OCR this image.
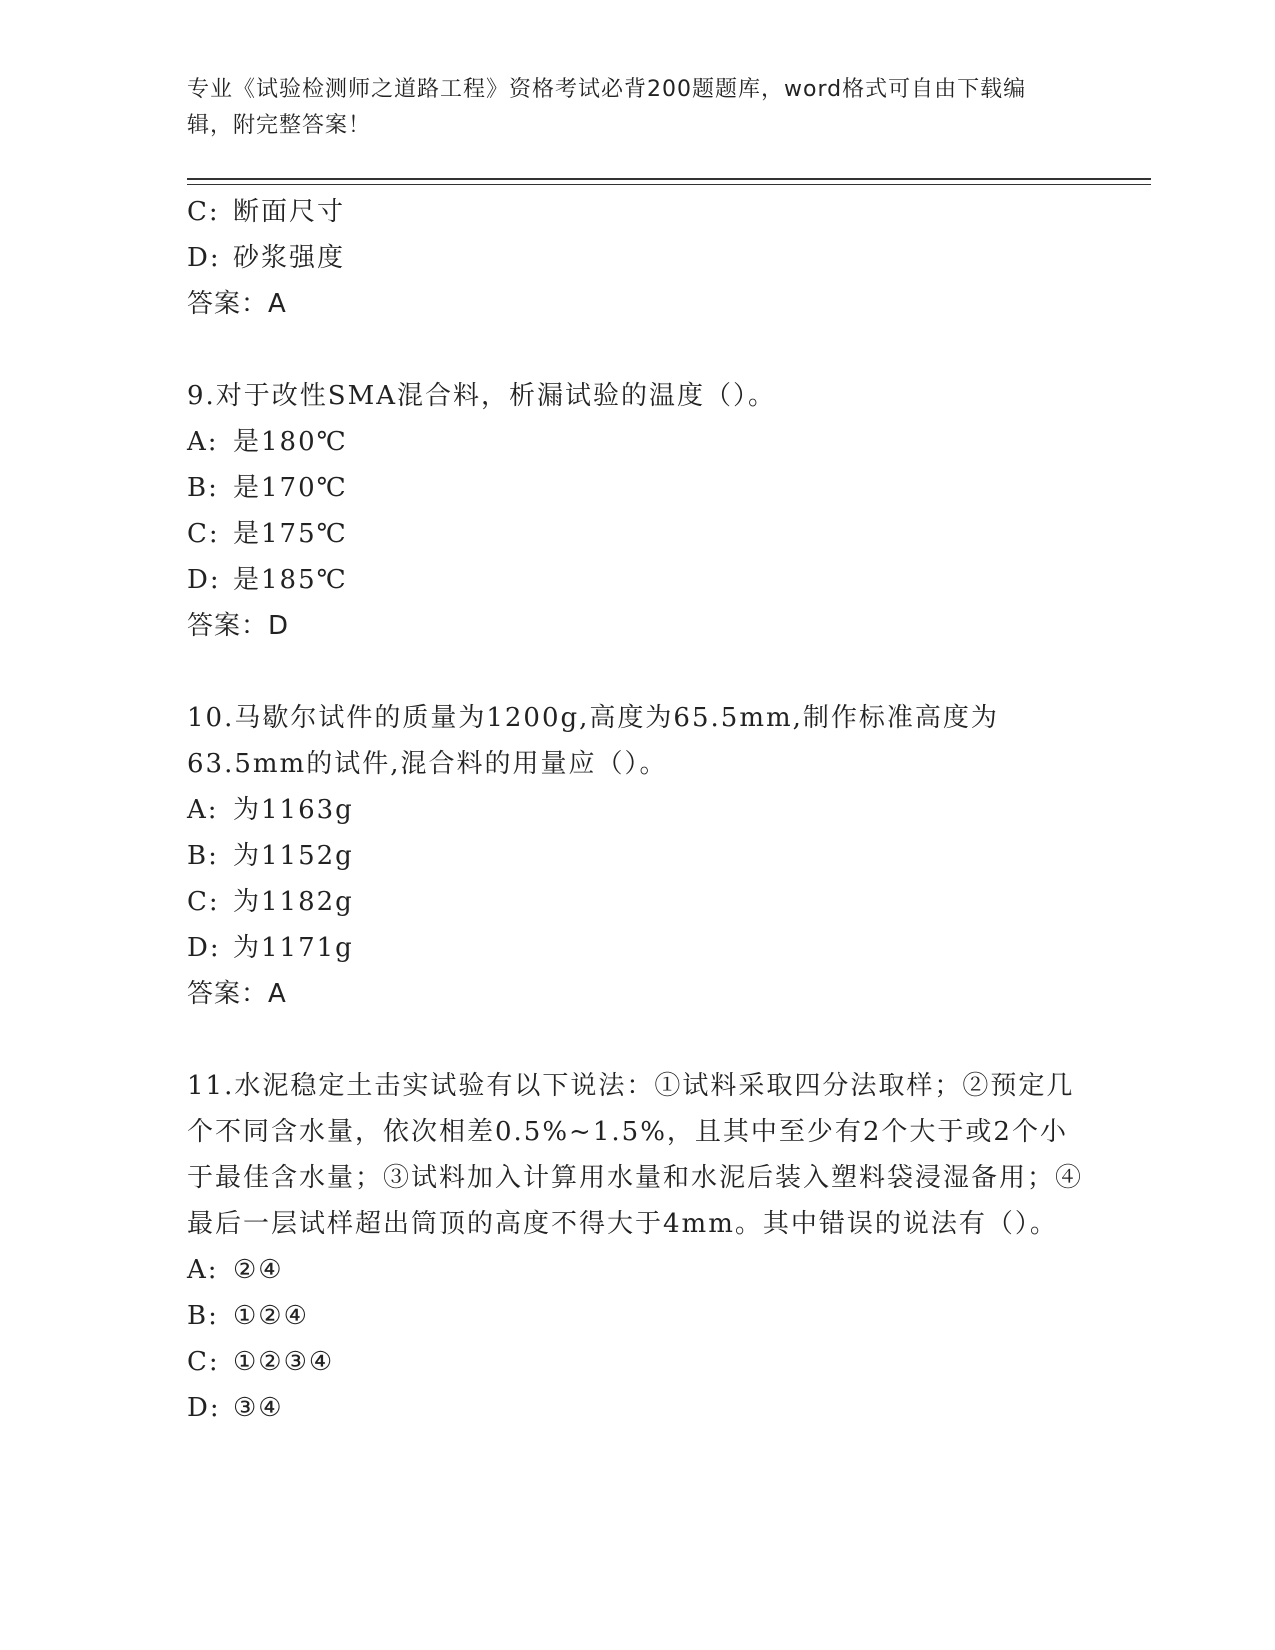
专业《试验检测师之道路工程》资格考试必背200题题库，word格式可自由下载编辑，附完整答案！
C: 断面尺寸
D: 砂浆强度
答案：A
9.对于改性SMA混合料，析漏试验的温度（）。
A: 是180℃
B: 是170℃
C: 是175℃
D: 是185℃
答案：D
10.马歇尔试件的质量为1200g,高度为65.5mm,制作标准高度为63.5mm的试件,混合料的用量应（）。
A: 为1163g
B: 为1152g
C: 为1182g
D: 为1171g
答案：A
11.水泥稳定土击实试验有以下说法：①试料采取四分法取样；②预定几个不同含水量，依次相差0.5%~1.5%，且其中至少有2个大于或2个小于最佳含水量；③试料加入计算用水量和水泥后装入塑料袋浸湿备用；④最后一层试样超出筒顶的高度不得大于4mm。其中错误的说法有（）。
A: ②④
B: ①②④
C: ①②③④
D: ③④
